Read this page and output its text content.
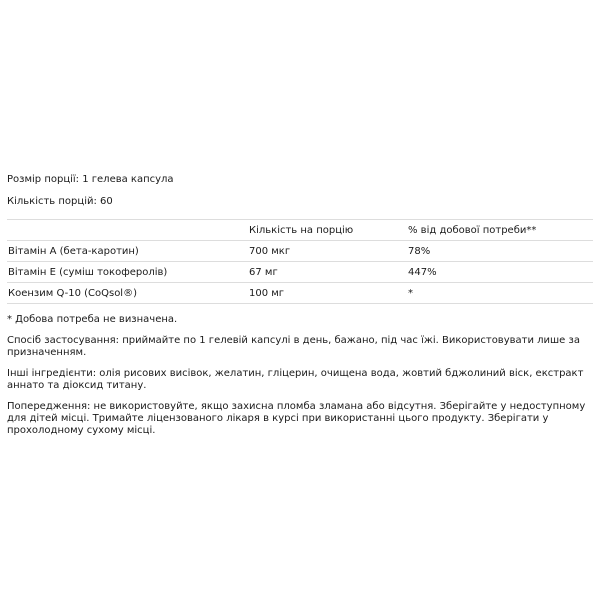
Розмір порції: 1 гелева капсула

Кількість порцій: 60

	Кількість на порцію	% від добової потреби**
Вітамін А (бета-каротин)	700 мкг	78%
Вітамін Е (суміш токоферолів)	67 мг	447%
Коензим Q-10 (CoQsol®)	100 мг	*

* Добова потреба не визначена.

Спосіб застосування: приймайте по 1 гелевій капсулі в день, бажано, під час їжі. Використовувати лише за призначенням.

Інші інгредієнти: олія рисових висівок, желатин, гліцерин, очищена вода, жовтий бджолиний віск, екстракт аннато та діоксид титану.

Попередження: не використовуйте, якщо захисна пломба зламана або відсутня. Зберігайте у недоступному для дітей місці. Тримайте ліцензованого лікаря в курсі при використанні цього продукту. Зберігати у прохолодному сухому місці.
